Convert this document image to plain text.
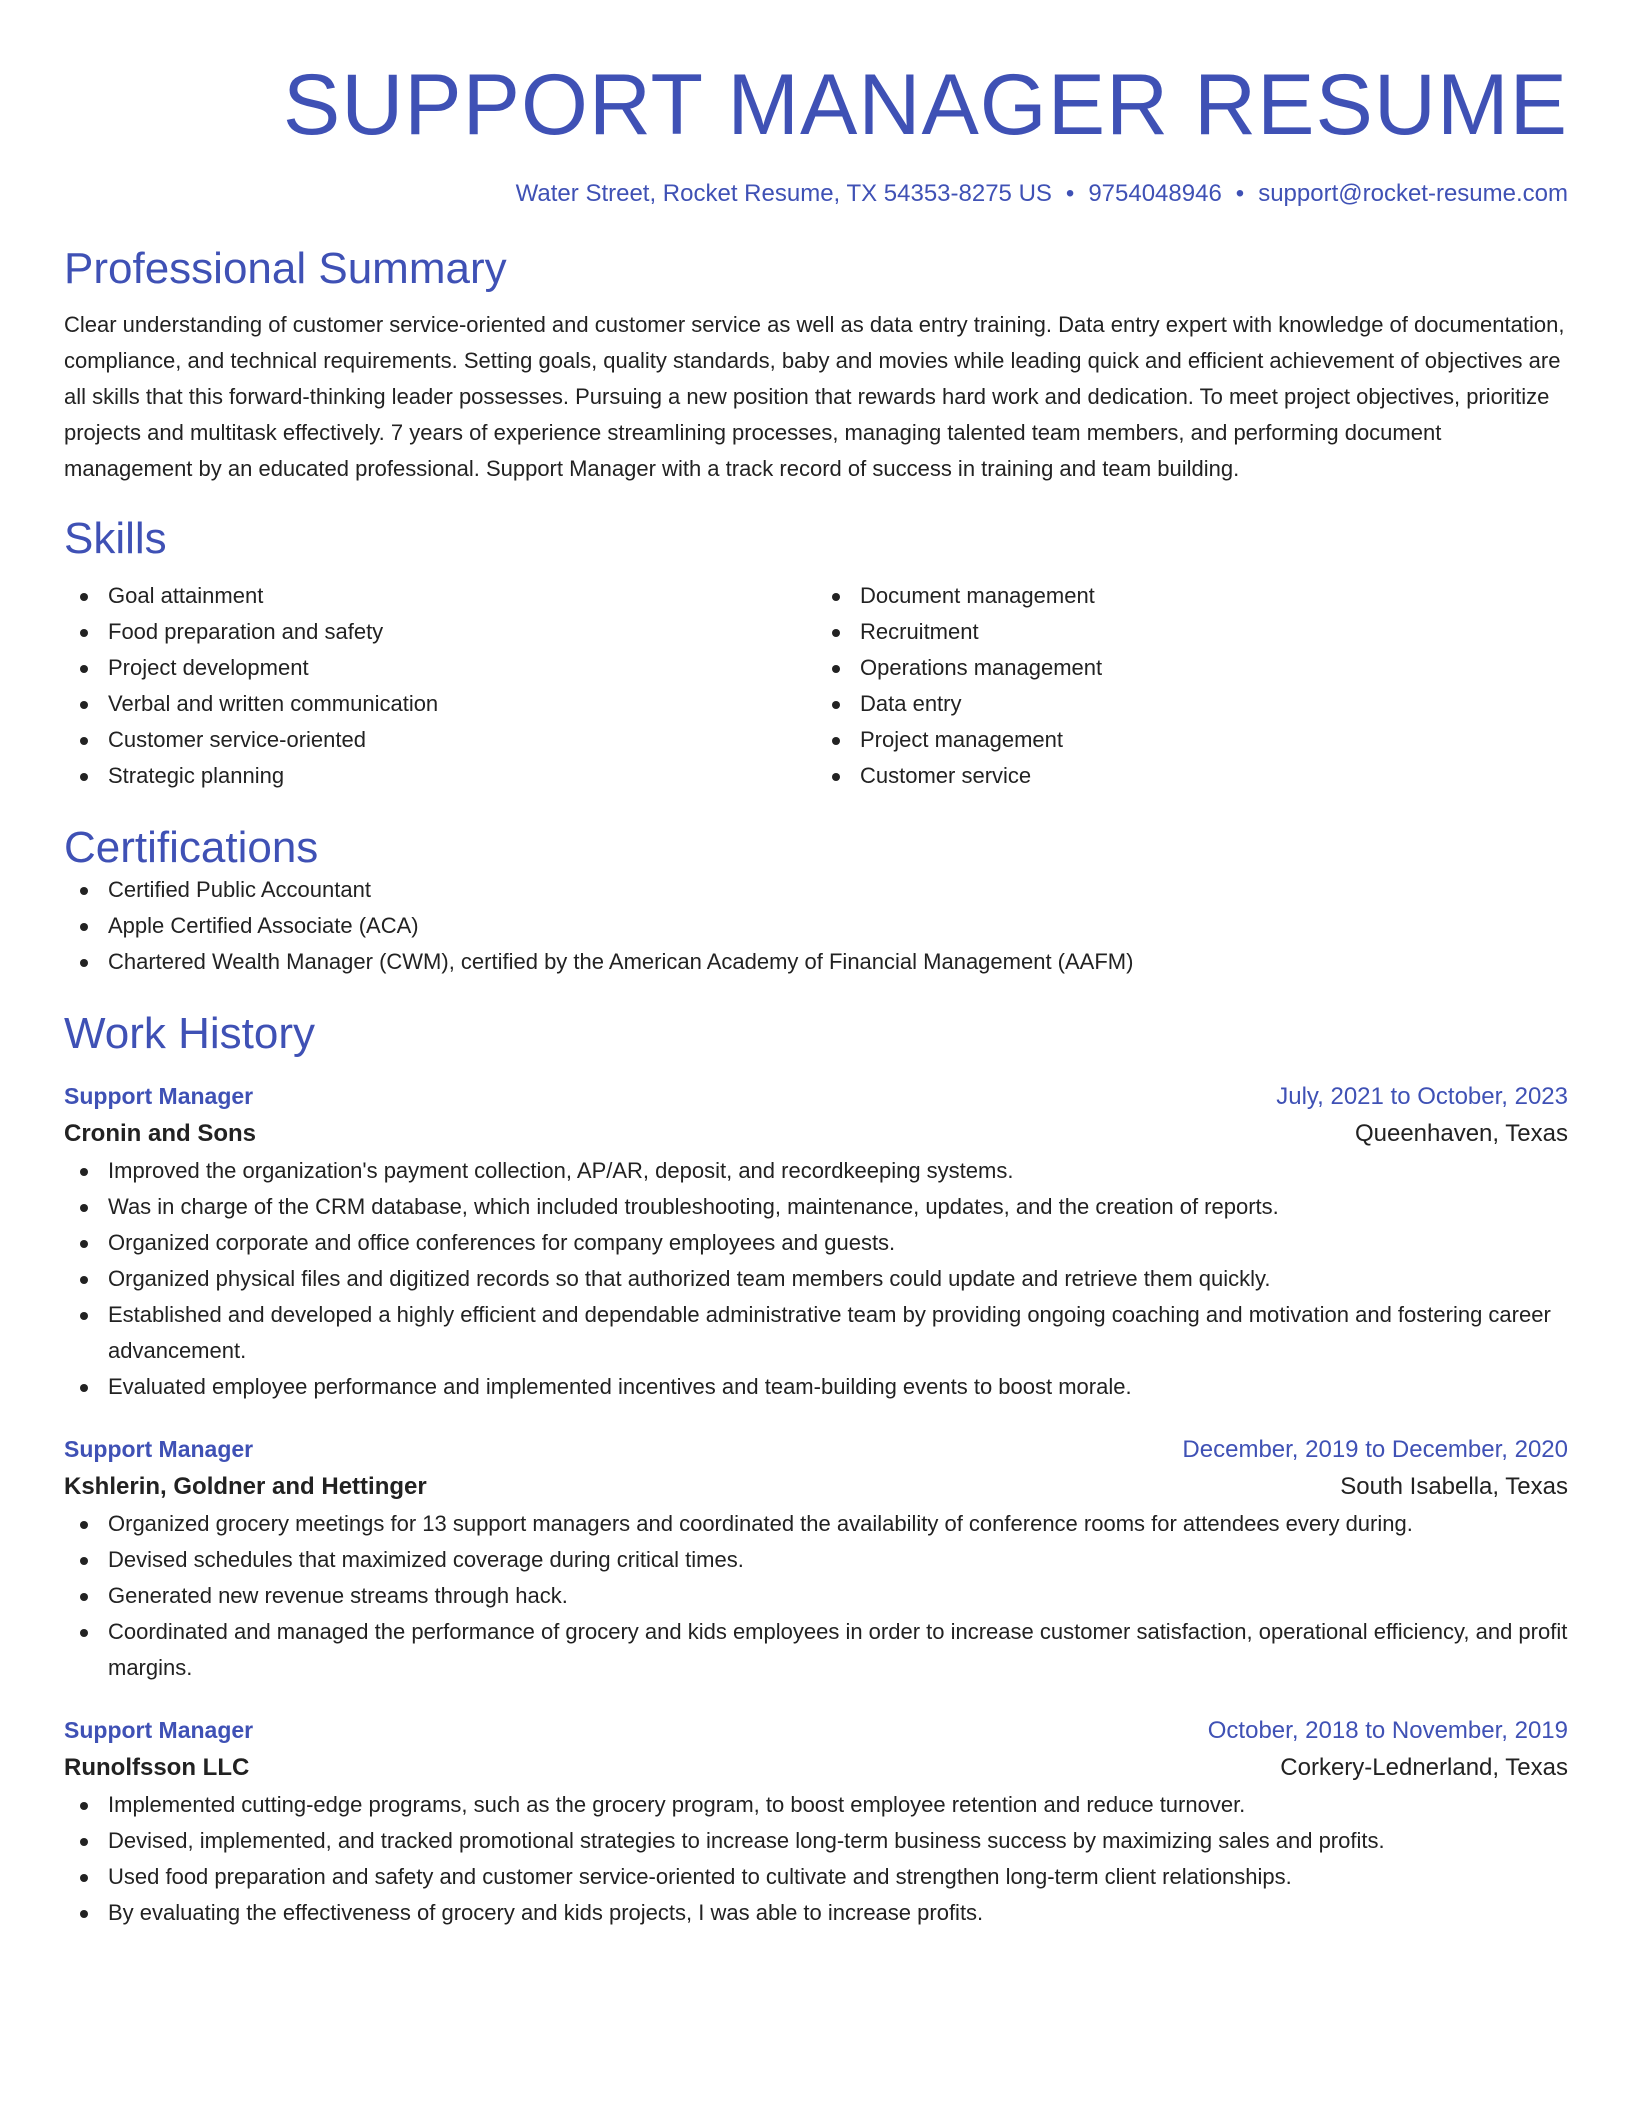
SUPPORT MANAGER RESUME
Water Street, Rocket Resume, TX 54353-8275 US • 9754048946 • support@rocket-resume.com
Professional Summary

Clear understanding of customer service-oriented and customer service as well as data entry training. Data entry expert with knowledge of documentation, compliance, and technical requirements. Setting goals, quality standards, baby and movies while leading quick and efficient achievement of objectives are all skills that this forward-thinking leader possesses. Pursuing a new position that rewards hard work and dedication. To meet project objectives, prioritize projects and multitask effectively. 7 years of experience streamlining processes, managing talented team members, and performing document management by an educated professional. Support Manager with a track record of success in training and team building.

Skills
Goal attainment
Food preparation and safety
Project development
Verbal and written communication
Customer service-oriented
Strategic planning
Document management
Recruitment
Operations management
Data entry
Project management
Customer service
Certifications
Certified Public Accountant
Apple Certified Associate (ACA)
Chartered Wealth Manager (CWM), certified by the American Academy of Financial Management (AAFM)
Work History
Support Manager	July, 2021 to October, 2023
Cronin and Sons	Queenhaven, Texas
Improved the organization's payment collection, AP/AR, deposit, and recordkeeping systems.
Was in charge of the CRM database, which included troubleshooting, maintenance, updates, and the creation of reports.
Organized corporate and office conferences for company employees and guests.
Organized physical files and digitized records so that authorized team members could update and retrieve them quickly.
Established and developed a highly efficient and dependable administrative team by providing ongoing coaching and motivation and fostering career advancement.
Evaluated employee performance and implemented incentives and team-building events to boost morale.
Support Manager	December, 2019 to December, 2020
Kshlerin, Goldner and Hettinger	South Isabella, Texas
Organized grocery meetings for 13 support managers and coordinated the availability of conference rooms for attendees every during.
Devised schedules that maximized coverage during critical times.
Generated new revenue streams through hack.
Coordinated and managed the performance of grocery and kids employees in order to increase customer satisfaction, operational efficiency, and profit margins.
Support Manager	October, 2018 to November, 2019
Runolfsson LLC	Corkery-Lednerland, Texas
Implemented cutting-edge programs, such as the grocery program, to boost employee retention and reduce turnover.
Devised, implemented, and tracked promotional strategies to increase long-term business success by maximizing sales and profits.
Used food preparation and safety and customer service-oriented to cultivate and strengthen long-term client relationships.
By evaluating the effectiveness of grocery and kids projects, I was able to increase profits.
